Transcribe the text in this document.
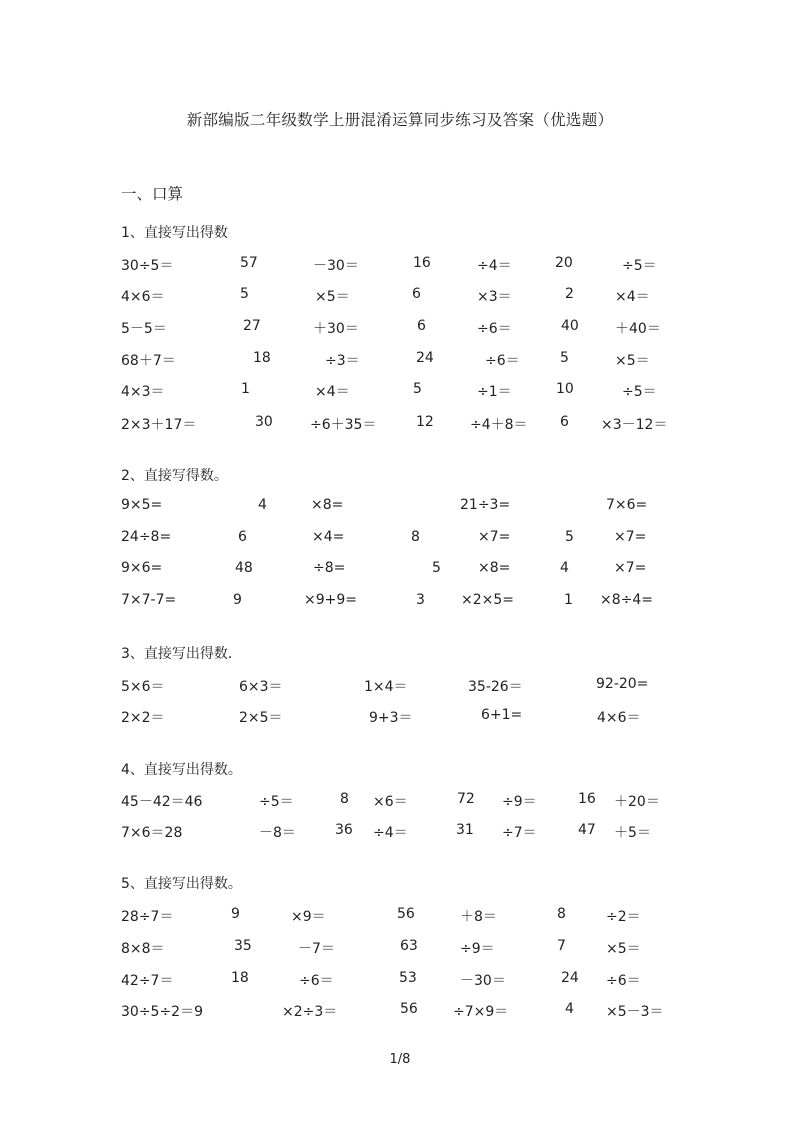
新部编版二年级数学上册混淆运算同步练习及答案（优选题）
一、口算
1、直接写出得数
30÷5＝	57	－30＝	16	÷4＝	20	÷5＝
4×6＝	5	×5＝	6	×3＝	2	×4＝
5－5＝	27	＋30＝	6	÷6＝	40	＋40＝
68＋7＝	18	÷3＝	24	÷6＝	5	×5＝
4×3＝	1	×4＝	5	÷1＝	10	÷5＝
2×3＋17＝	30	÷6＋35＝	12	÷4＋8＝ 6 ×3－12＝
2、直接写得数。
9×5=	4	×8=	21÷3=	7×6=
24÷8=	6	×4=	8	×7=	5	×7=
9×6=	48	÷8=	5	×8=	4	×7=
7×7-7=	9	×9+9=	3	×2×5=	1 ×8÷4=
3、直接写出得数.
5×6＝	6×3＝	1×4＝	35-26＝	92-20=
2×2＝	2×5＝	9+3＝	6+1=	4×6＝
4、直接写出得数。
45－42＝46	÷5＝	8 ×6＝	72 ÷9＝	16 ＋20＝
7×6＝28	－8＝	36 ÷4＝	31 ÷7＝	47 ＋5＝
5、直接写出得数。
28÷7＝	9	×9＝	56	＋8＝	8	÷2＝
8×8＝	35	－7＝	63	÷9＝	7	×5＝
42÷7＝	18	÷6＝	53	－30＝	24 ÷6＝
30÷5÷2＝9	×2÷3＝	56	÷7×9＝	4 ×5－3＝
1/8
